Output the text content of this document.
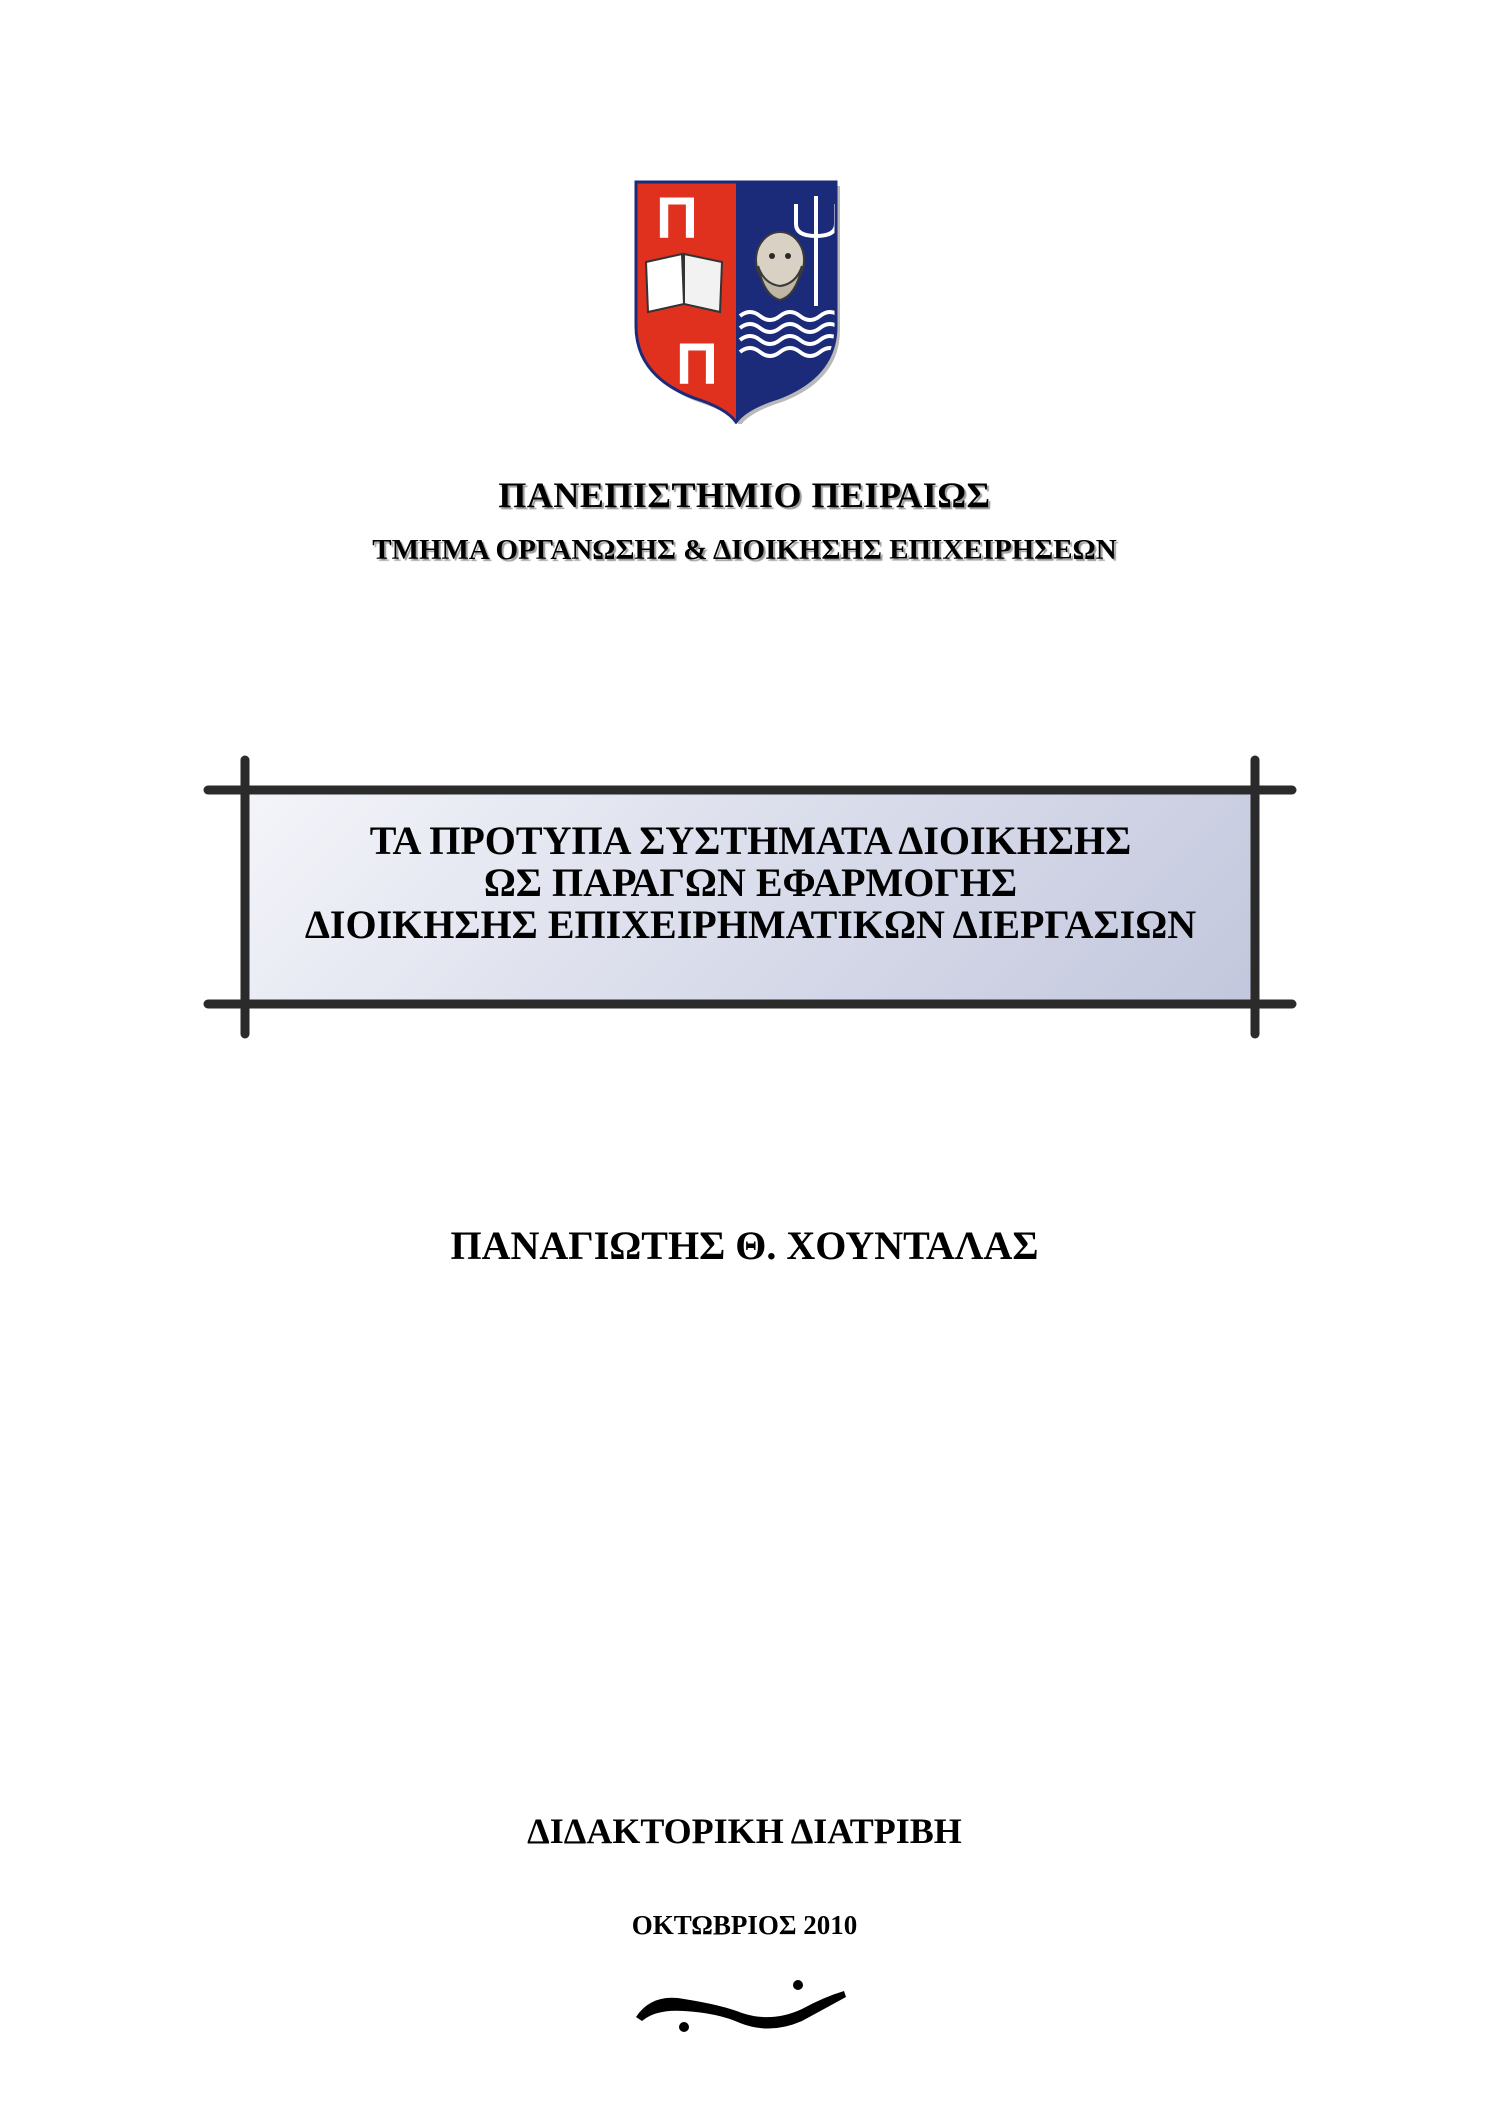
Π
Π
ΠΑΝΕΠΙΣΤΗΜΙΟ ΠΕΙΡΑΙΩΣ
ΤΜΗΜΑ ΟΡΓΑΝΩΣΗΣ & ΔΙΟΙΚΗΣΗΣ ΕΠΙΧΕΙΡΗΣΕΩΝ
ΤΑ ΠΡΟΤΥΠΑ ΣΥΣΤΗΜΑΤΑ ΔΙΟΙΚΗΣΗΣ
ΩΣ ΠΑΡΑΓΩΝ ΕΦΑΡΜΟΓΗΣ
ΔΙΟΙΚΗΣΗΣ ΕΠΙΧΕΙΡΗΜΑΤΙΚΩΝ ΔΙΕΡΓΑΣΙΩΝ
ΠΑΝΑΓΙΩΤΗΣ Θ. ΧΟΥΝΤΑΛΑΣ
ΔΙΔΑΚΤΟΡΙΚΗ ΔΙΑΤΡΙΒΗ
ΟΚΤΩΒΡΙΟΣ 2010
